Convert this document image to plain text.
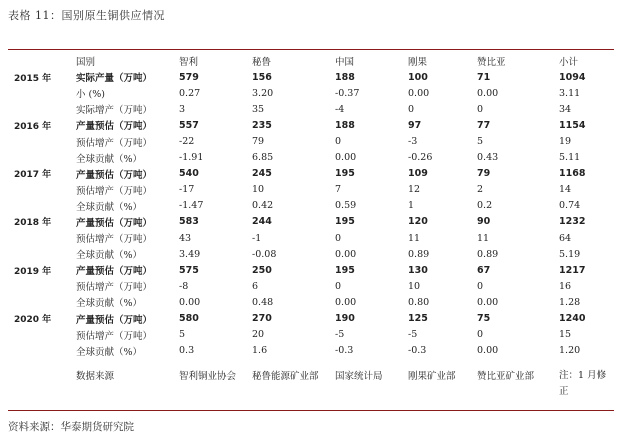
表格 11：国别原生铜供应情况
	国别	智利	秘鲁	中国	刚果	赞比亚	小计
2015 年	实际产量（万吨）	579	156	188	100	71	1094
	小 (%)	0.27	3.20	-0.37	0.00	0.00	3.11
	实际增产（万吨）	3	35	-4	0	0	34
2016 年	产量预估（万吨）	557	235	188	97	77	1154
	预估增产（万吨）	-22	79	0	-3	5	19
	全球贡献（%）	-1.91	6.85	0.00	-0.26	0.43	5.11
2017 年	产量预估（万吨）	540	245	195	109	79	1168
	预估增产（万吨）	-17	10	7	12	2	14
	全球贡献（%）	-1.47	0.42	0.59	1	0.2	0.74
2018 年	产量预估（万吨）	583	244	195	120	90	1232
	预估增产（万吨）	43	-1	0	11	11	64
	全球贡献（%）	3.49	-0.08	0.00	0.89	0.89	5.19
2019 年	产量预估（万吨）	575	250	195	130	67	1217
	预估增产（万吨）	-8	6	0	10	0	16
	全球贡献（%）	0.00	0.48	0.00	0.80	0.00	1.28
2020 年	产量预估（万吨）	580	270	190	125	75	1240
	预估增产（万吨）	5	20	-5	-5	0	15
	全球贡献（%）	0.3	1.6	-0.3	-0.3	0.00	1.20
	数据来源	智利铜业协会	秘鲁能源矿业部	国家统计局	刚果矿业部	赞比亚矿业部	注：1 月修正
资料来源：华泰期货研究院
